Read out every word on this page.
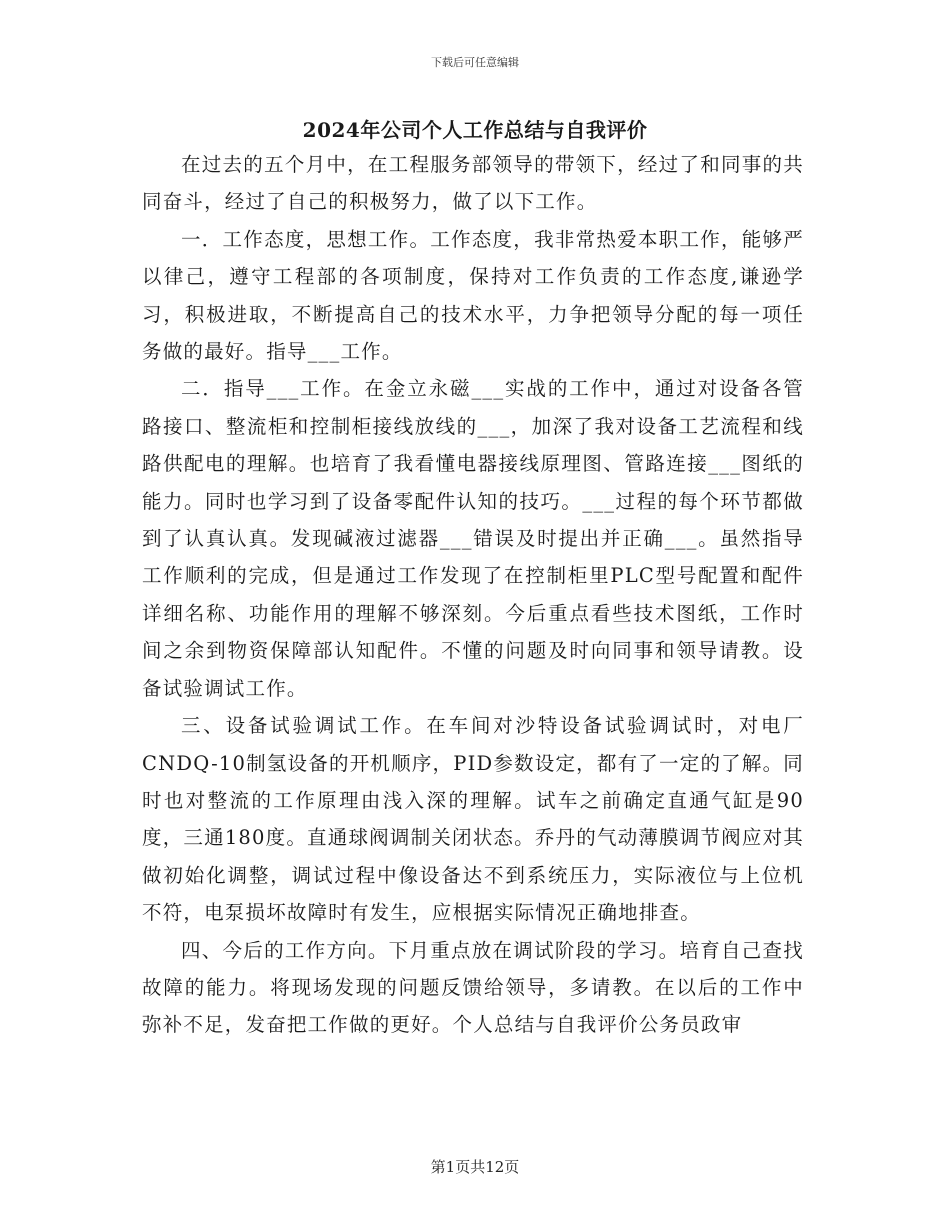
下载后可任意编辑
2024年公司个人工作总结与自我评价

在过去的五个月中，在工程服务部领导的带领下，经过了和同事的共同奋斗，经过了自己的积极努力，做了以下工作。

一．工作态度，思想工作。工作态度，我非常热爱本职工作，能够严以律己，遵守工程部的各项制度，保持对工作负责的工作态度,谦逊学习，积极进取，不断提高自己的技术水平，力争把领导分配的每一项任务做的最好。指导___工作。

二．指导___工作。在金立永磁___实战的工作中，通过对设备各管路接口、整流柜和控制柜接线放线的___，加深了我对设备工艺流程和线路供配电的理解。也培育了我看懂电器接线原理图、管路连接___图纸的能力。同时也学习到了设备零配件认知的技巧。___过程的每个环节都做到了认真认真。发现碱液过滤器___错误及时提出并正确___。虽然指导工作顺利的完成，但是通过工作发现了在控制柜里PLC型号配置和配件详细名称、功能作用的理解不够深刻。今后重点看些技术图纸，工作时间之余到物资保障部认知配件。不懂的问题及时向同事和领导请教。设备试验调试工作。

三、设备试验调试工作。在车间对沙特设备试验调试时，对电厂CNDQ-10制氢设备的开机顺序，PID参数设定，都有了一定的了解。同时也对整流的工作原理由浅入深的理解。试车之前确定直通气缸是90度，三通180度。直通球阀调制关闭状态。乔丹的气动薄膜调节阀应对其做初始化调整，调试过程中像设备达不到系统压力，实际液位与上位机不符，电泵损坏故障时有发生，应根据实际情况正确地排查。

四、今后的工作方向。下月重点放在调试阶段的学习。培育自己查找故障的能力。将现场发现的问题反馈给领导，多请教。在以后的工作中弥补不足，发奋把工作做的更好。个人总结与自我评价公务员政审

第1页共12页
